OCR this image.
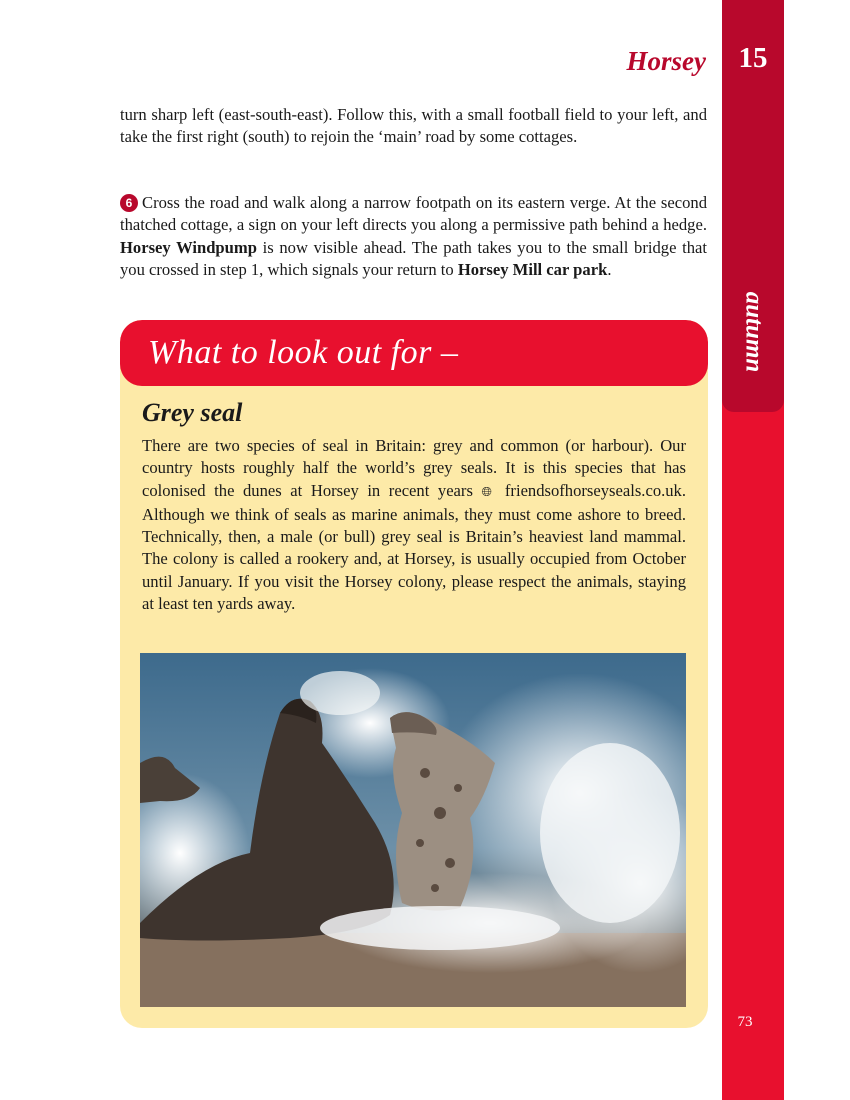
15
autumn
73
Horsey

turn sharp left (east-south-east). Follow this, with a small football field to your left, and take the first right (south) to rejoin the ‘main’ road by some cottages.

6 Cross the road and walk along a narrow footpath on its eastern verge. At the second thatched cottage, a sign on your left directs you along a permissive path behind a hedge. Horsey Windpump is now visible ahead. The path takes you to the small bridge that you crossed in step 1, which signals your return to Horsey Mill car park.

What to look out for –
Grey seal

There are two species of seal in Britain: grey and common (or harbour). Our country hosts roughly half the world’s grey seals. It is this species that has colonised the dunes at Horsey in recent years 🌐︎ friendsofhorseyseals.co.uk. Although we think of seals as marine animals, they must come ashore to breed. Technically, then, a male (or bull) grey seal is Britain’s heaviest land mammal. The colony is called a rookery and, at Horsey, is usually occupied from October until January. If you visit the Horsey colony, please respect the animals, staying at least ten yards away.
